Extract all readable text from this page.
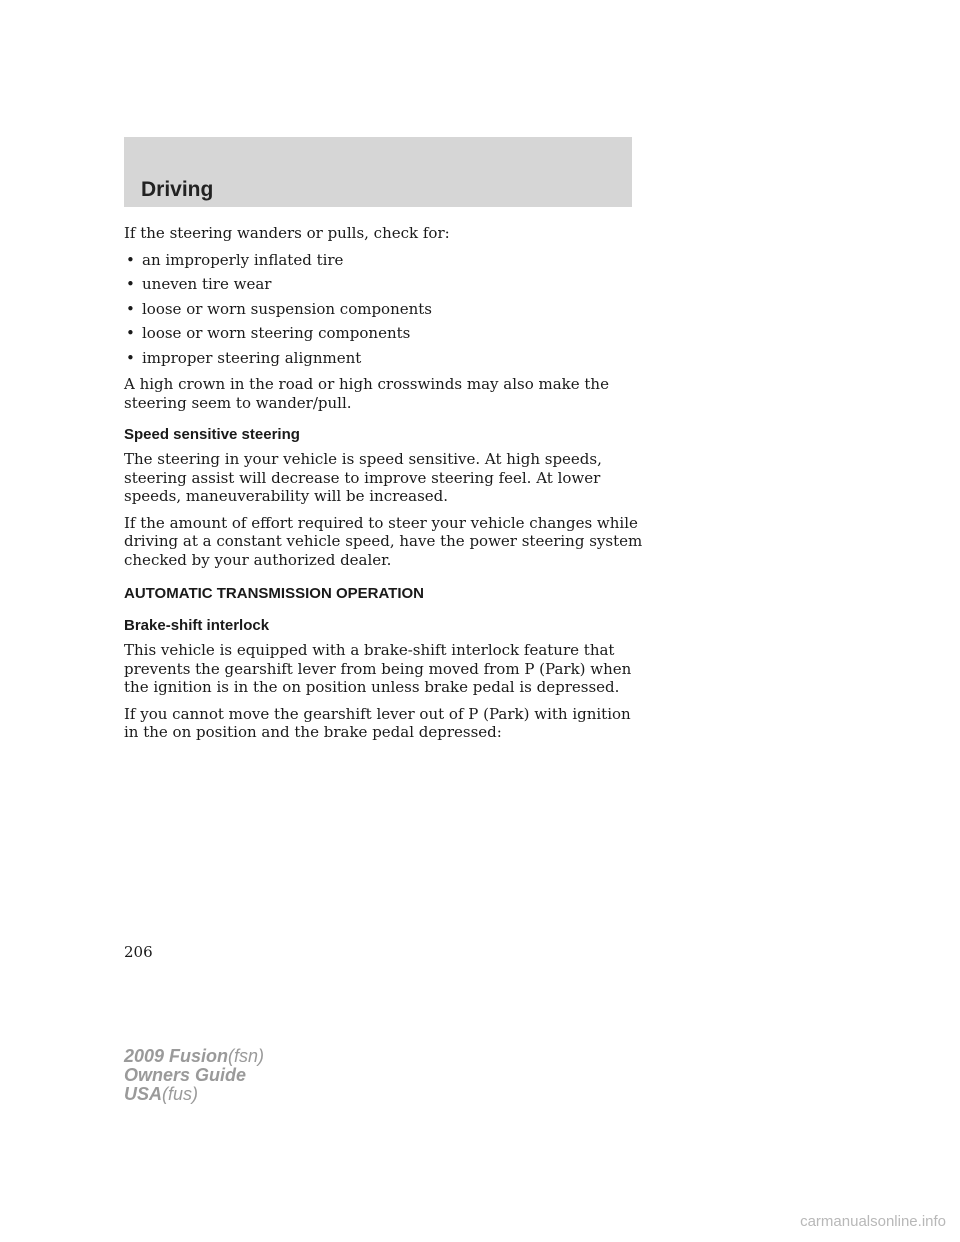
Driving

If the steering wanders or pulls, check for:

• an improperly inflated tire
• uneven tire wear
• loose or worn suspension components
• loose or worn steering components
• improper steering alignment

A high crown in the road or high crosswinds may also make the steering seem to wander/pull.

Speed sensitive steering

The steering in your vehicle is speed sensitive. At high speeds, steering assist will decrease to improve steering feel. At lower speeds, maneuverability will be increased.

If the amount of effort required to steer your vehicle changes while driving at a constant vehicle speed, have the power steering system checked by your authorized dealer.

AUTOMATIC TRANSMISSION OPERATION
Brake-shift interlock

This vehicle is equipped with a brake-shift interlock feature that prevents the gearshift lever from being moved from P (Park) when the ignition is in the on position unless brake pedal is depressed.

If you cannot move the gearshift lever out of P (Park) with ignition in the on position and the brake pedal depressed:

206
2009 Fusion(fsn)
Owners Guide
USA(fus)
carmanualsonline.info
